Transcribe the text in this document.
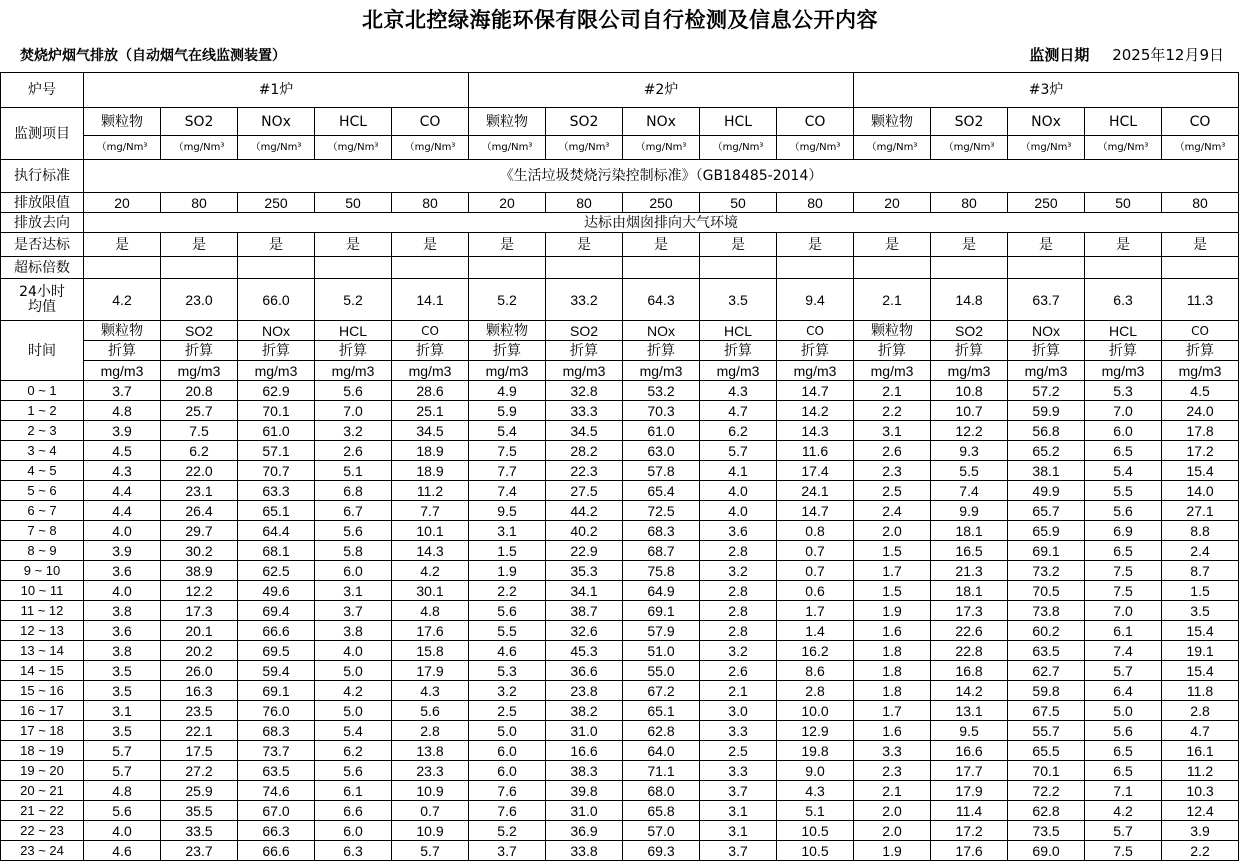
北京北控绿海能环保有限公司自行检测及信息公开内容
焚烧炉烟气排放（自动烟气在线监测装置）	监测日期 2025年12月9日
炉号	#1炉					#2炉					#3炉				
监测项目	颗粒物	SO2	NOx	HCL	CO	颗粒物	SO2	NOx	HCL	CO	颗粒物	SO2	NOx	HCL	CO
	（mg/Nm³	（mg/Nm³	（mg/Nm³	（mg/Nm³	（mg/Nm³	（mg/Nm³	（mg/Nm³	（mg/Nm³	（mg/Nm³	（mg/Nm³	（mg/Nm³	（mg/Nm³	（mg/Nm³	（mg/Nm³	（mg/Nm³
执行标准	《生活垃圾焚烧污染控制标准》（GB18485-2014）														
排放限值	20	80	250	50	80	20	80	250	50	80	20	80	250	50	80
排放去向	达标由烟囱排向大气环境														
是否达标	是	是	是	是	是	是	是	是	是	是	是	是	是	是	是
超标倍数															
24小时均值	4.2	23.0	66.0	5.2	14.1	5.2	33.2	64.3	3.5	9.4	2.1	14.8	63.7	6.3	11.3
时间	颗粒物	SO2	NOx	HCL	CO	颗粒物	SO2	NOx	HCL	CO	颗粒物	SO2	NOx	HCL	CO
	折算	折算	折算	折算	折算	折算	折算	折算	折算	折算	折算	折算	折算	折算	折算
	mg/m3	mg/m3	mg/m3	mg/m3	mg/m3	mg/m3	mg/m3	mg/m3	mg/m3	mg/m3	mg/m3	mg/m3	mg/m3	mg/m3	mg/m3
0 ~ 1	3.7	20.8	62.9	5.6	28.6	4.9	32.8	53.2	4.3	14.7	2.1	10.8	57.2	5.3	4.5
1 ~ 2	4.8	25.7	70.1	7.0	25.1	5.9	33.3	70.3	4.7	14.2	2.2	10.7	59.9	7.0	24.0
2 ~ 3	3.9	7.5	61.0	3.2	34.5	5.4	34.5	61.0	6.2	14.3	3.1	12.2	56.8	6.0	17.8
3 ~ 4	4.5	6.2	57.1	2.6	18.9	7.5	28.2	63.0	5.7	11.6	2.6	9.3	65.2	6.5	17.2
4 ~ 5	4.3	22.0	70.7	5.1	18.9	7.7	22.3	57.8	4.1	17.4	2.3	5.5	38.1	5.4	15.4
5 ~ 6	4.4	23.1	63.3	6.8	11.2	7.4	27.5	65.4	4.0	24.1	2.5	7.4	49.9	5.5	14.0
6 ~ 7	4.4	26.4	65.1	6.7	7.7	9.5	44.2	72.5	4.0	14.7	2.4	9.9	65.7	5.6	27.1
7 ~ 8	4.0	29.7	64.4	5.6	10.1	3.1	40.2	68.3	3.6	0.8	2.0	18.1	65.9	6.9	8.8
8 ~ 9	3.9	30.2	68.1	5.8	14.3	1.5	22.9	68.7	2.8	0.7	1.5	16.5	69.1	6.5	2.4
9 ~ 10	3.6	38.9	62.5	6.0	4.2	1.9	35.3	75.8	3.2	0.7	1.7	21.3	73.2	7.5	8.7
10 ~ 11	4.0	12.2	49.6	3.1	30.1	2.2	34.1	64.9	2.8	0.6	1.5	18.1	70.5	7.5	1.5
11 ~ 12	3.8	17.3	69.4	3.7	4.8	5.6	38.7	69.1	2.8	1.7	1.9	17.3	73.8	7.0	3.5
12 ~ 13	3.6	20.1	66.6	3.8	17.6	5.5	32.6	57.9	2.8	1.4	1.6	22.6	60.2	6.1	15.4
13 ~ 14	3.8	20.2	69.5	4.0	15.8	4.6	45.3	51.0	3.2	16.2	1.8	22.8	63.5	7.4	19.1
14 ~ 15	3.5	26.0	59.4	5.0	17.9	5.3	36.6	55.0	2.6	8.6	1.8	16.8	62.7	5.7	15.4
15 ~ 16	3.5	16.3	69.1	4.2	4.3	3.2	23.8	67.2	2.1	2.8	1.8	14.2	59.8	6.4	11.8
16 ~ 17	3.1	23.5	76.0	5.0	5.6	2.5	38.2	65.1	3.0	10.0	1.7	13.1	67.5	5.0	2.8
17 ~ 18	3.5	22.1	68.3	5.4	2.8	5.0	31.0	62.8	3.3	12.9	1.6	9.5	55.7	5.6	4.7
18 ~ 19	5.7	17.5	73.7	6.2	13.8	6.0	16.6	64.0	2.5	19.8	3.3	16.6	65.5	6.5	16.1
19 ~ 20	5.7	27.2	63.5	5.6	23.3	6.0	38.3	71.1	3.3	9.0	2.3	17.7	70.1	6.5	11.2
20 ~ 21	4.8	25.9	74.6	6.1	10.9	7.6	39.8	68.0	3.7	4.3	2.1	17.9	72.2	7.1	10.3
21 ~ 22	5.6	35.5	67.0	6.6	0.7	7.6	31.0	65.8	3.1	5.1	2.0	11.4	62.8	4.2	12.4
22 ~ 23	4.0	33.5	66.3	6.0	10.9	5.2	36.9	57.0	3.1	10.5	2.0	17.2	73.5	5.7	3.9
23 ~ 24	4.6	23.7	66.6	6.3	5.7	3.7	33.8	69.3	3.7	10.5	1.9	17.6	69.0	7.5	2.2
